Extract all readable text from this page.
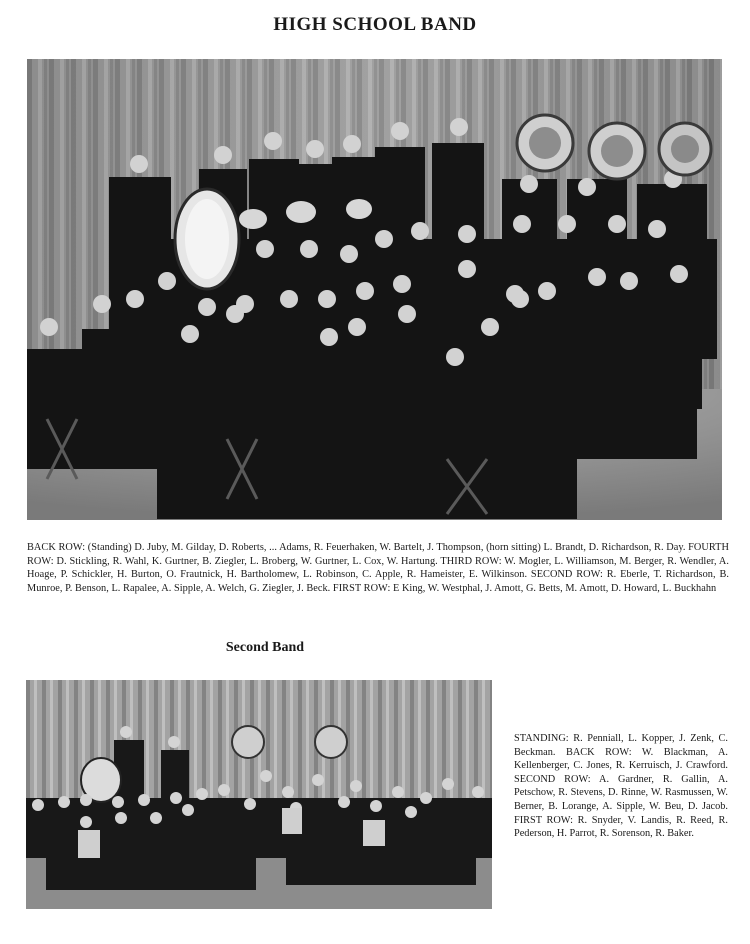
HIGH SCHOOL BAND
BACK ROW: (Standing) D. Juby, M. Gilday, D. Roberts, ... Adams, R. Feuerhaken, W. Bartelt, J. Thompson, (horn sitting) L. Brandt, D. Richardson, R. Day. FOURTH ROW: D. Stickling, R. Wahl, K. Gurtner, B. Ziegler, L. Broberg, W. Gurtner, L. Cox, W. Hartung. THIRD ROW: W. Mogler, L. Williamson, M. Berger, R. Wendler, A. Hoage, P. Schickler, H. Burton, O. Frautnick, H. Bartholomew, L. Robinson, C. Apple, R. Hameister, E. Wilkinson. SECOND ROW: R. Eberle, T. Richardson, B. Munroe, P. Benson, L. Rapalee, A. Sipple, A. Welch, G. Ziegler, J. Beck. FIRST ROW: E King, W. Westphal, J. Amott, G. Betts, M. Amott, D. Howard, L. Buckhahn
Second Band
STANDING: R. Penniall, L. Kopper, J. Zenk, C. Beckman. BACK ROW: W. Blackman, A. Kellenberger, C. Jones, R. Kerruisch, J. Crawford. SECOND ROW: A. Gardner, R. Gallin, A. Petschow, R. Stevens, D. Rinne, W. Rasmussen, W. Berner, B. Lorange, A. Sipple, W. Beu, D. Jacob. FIRST ROW: R. Snyder, V. Landis, R. Reed, R. Pederson, H. Parrot, R. Sorenson, R. Baker.
